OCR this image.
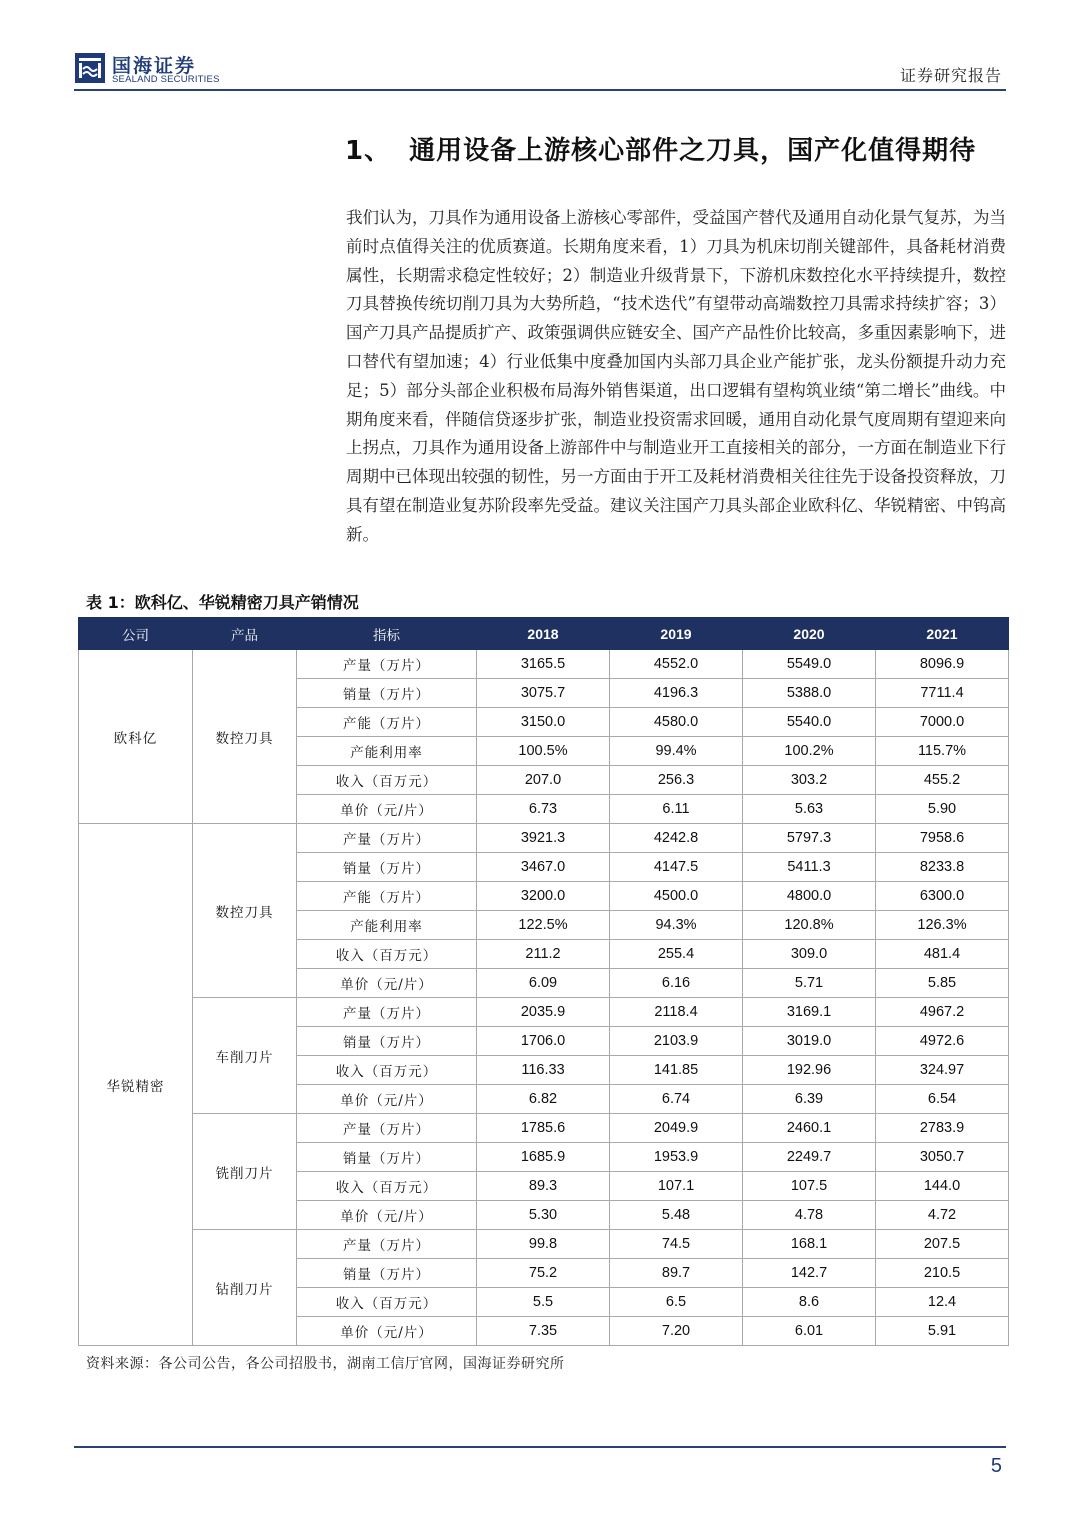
国海证券
SEALAND SECURITIES	证券研究报告
1、 通用设备上游核心部件之刀具，国产化值得期待
我们认为，刀具作为通用设备上游核心零部件，受益国产替代及通用自动化景气复苏，为当前时点值得关注的优质赛道。长期角度来看，1）刀具为机床切削关键部件，具备耗材消费属性，长期需求稳定性较好；2）制造业升级背景下，下游机床数控化水平持续提升，数控刀具替换传统切削刀具为大势所趋，“技术迭代”有望带动高端数控刀具需求持续扩容；3）国产刀具产品提质扩产、政策强调供应链安全、国产产品性价比较高，多重因素影响下，进口替代有望加速；4）行业低集中度叠加国内头部刀具企业产能扩张，龙头份额提升动力充足；5）部分头部企业积极布局海外销售渠道，出口逻辑有望构筑业绩“第二增长”曲线。中期角度来看，伴随信贷逐步扩张，制造业投资需求回暖，通用自动化景气度周期有望迎来向上拐点，刀具作为通用设备上游部件中与制造业开工直接相关的部分，一方面在制造业下行周期中已体现出较强的韧性，另一方面由于开工及耗材消费相关往往先于设备投资释放，刀具有望在制造业复苏阶段率先受益。建议关注国产刀具头部企业欧科亿、华锐精密、中钨高新。
表 1：欧科亿、华锐精密刀具产销情况
公司	产品	指标	2018	2019	2020	2021
欧科亿	数控刀具	产量（万片）	3165.5	4552.0	5549.0	8096.9
		销量（万片）	3075.7	4196.3	5388.0	7711.4
		产能（万片）	3150.0	4580.0	5540.0	7000.0
		产能利用率	100.5%	99.4%	100.2%	115.7%
		收入（百万元）	207.0	256.3	303.2	455.2
		单价（元/片）	6.73	6.11	5.63	5.90
华锐精密	数控刀具	产量（万片）	3921.3	4242.8	5797.3	7958.6
		销量（万片）	3467.0	4147.5	5411.3	8233.8
		产能（万片）	3200.0	4500.0	4800.0	6300.0
		产能利用率	122.5%	94.3%	120.8%	126.3%
		收入（百万元）	211.2	255.4	309.0	481.4
		单价（元/片）	6.09	6.16	5.71	5.85
	车削刀片	产量（万片）	2035.9	2118.4	3169.1	4967.2
		销量（万片）	1706.0	2103.9	3019.0	4972.6
		收入（百万元）	116.33	141.85	192.96	324.97
		单价（元/片）	6.82	6.74	6.39	6.54
	铣削刀片	产量（万片）	1785.6	2049.9	2460.1	2783.9
		销量（万片）	1685.9	1953.9	2249.7	3050.7
		收入（百万元）	89.3	107.1	107.5	144.0
		单价（元/片）	5.30	5.48	4.78	4.72
	钻削刀片	产量（万片）	99.8	74.5	168.1	207.5
		销量（万片）	75.2	89.7	142.7	210.5
		收入（百万元）	5.5	6.5	8.6	12.4
		单价（元/片）	7.35	7.20	6.01	5.91
资料来源：各公司公告，各公司招股书，湖南工信厅官网，国海证券研究所
5
